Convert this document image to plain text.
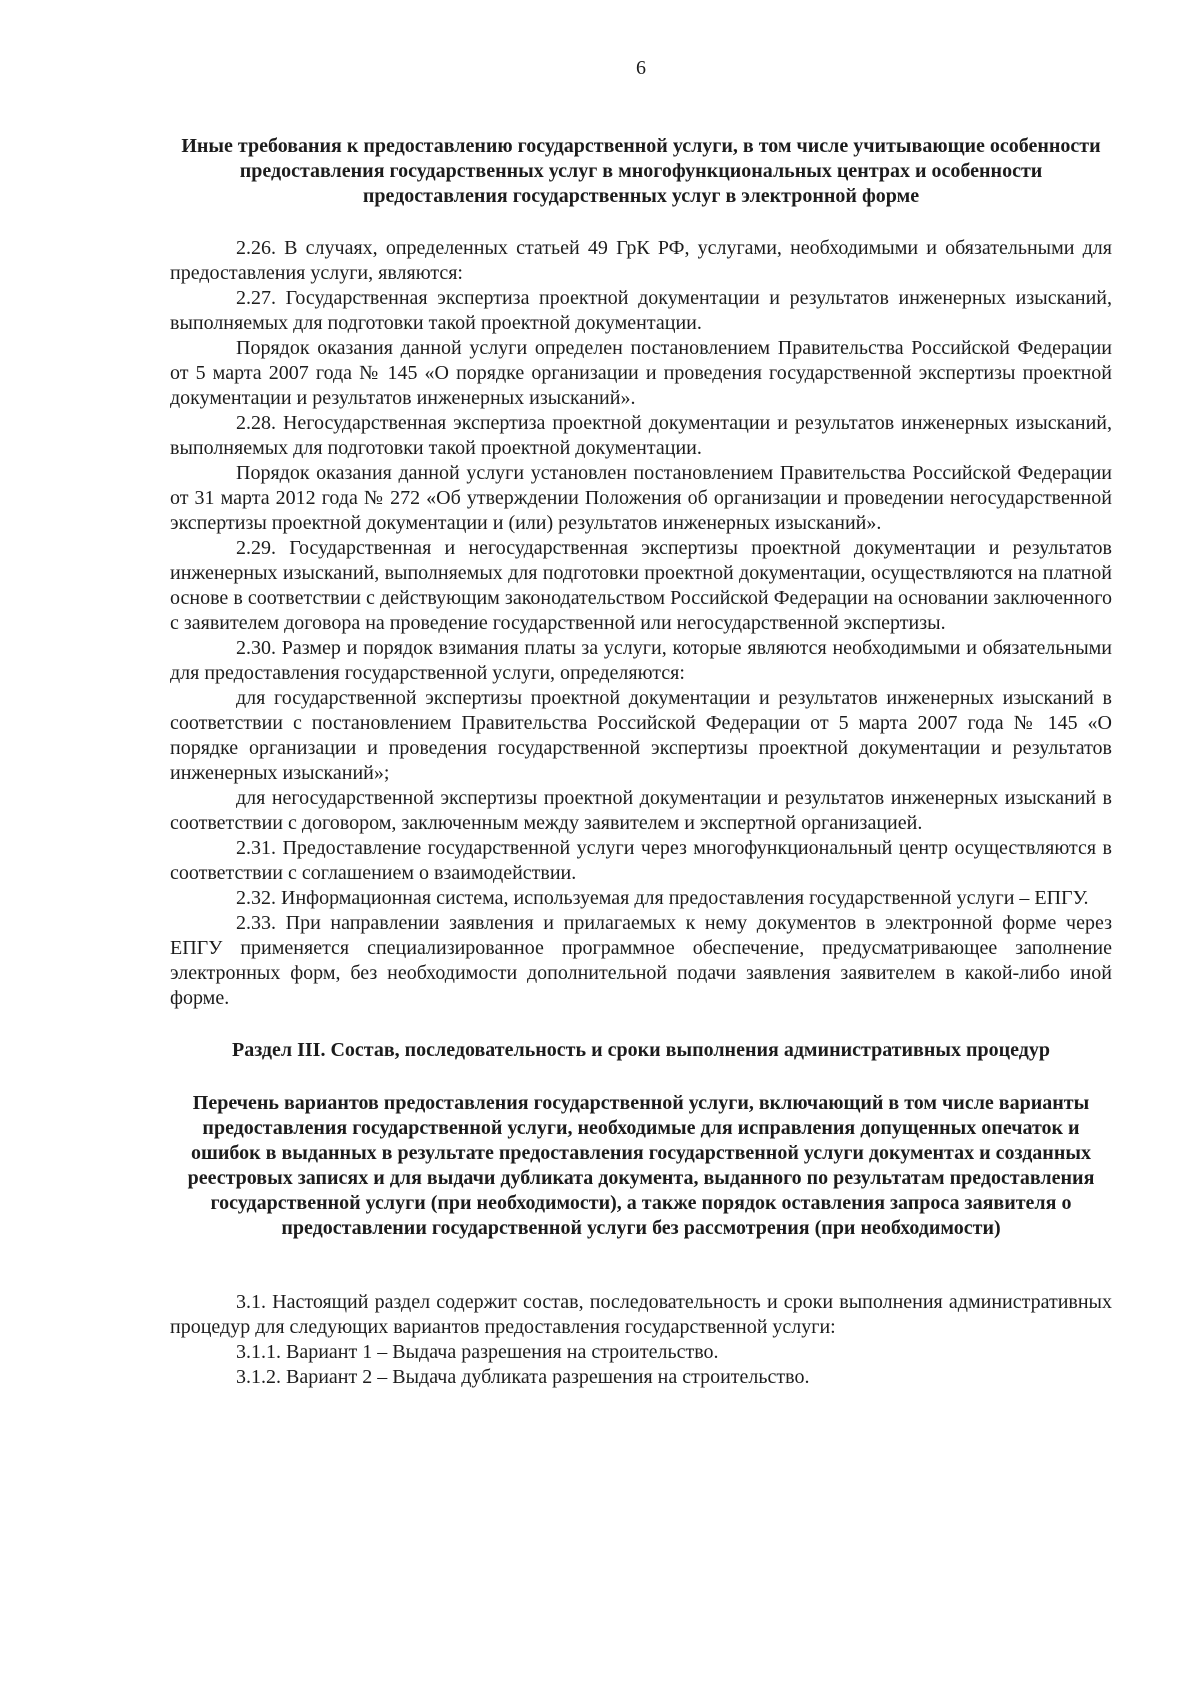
6
Иные требования к предоставлению государственной услуги, в том числе учитывающие особенности предоставления государственных услуг в многофункциональных центрах и особенности предоставления государственных услуг в электронной форме

2.26. В случаях, определенных статьей 49 ГрК РФ, услугами, необходимыми и обязательными для предоставления услуги, являются:

2.27. Государственная экспертиза проектной документации и результатов инженерных изысканий, выполняемых для подготовки такой проектной документации.

Порядок оказания данной услуги определен постановлением Правительства Российской Федерации от 5 марта 2007 года № 145 «О порядке организации и проведения государственной экспертизы проектной документации и результатов инженерных изысканий».

2.28. Негосударственная экспертиза проектной документации и результатов инженерных изысканий, выполняемых для подготовки такой проектной документации.

Порядок оказания данной услуги установлен постановлением Правительства Российской Федерации от 31 марта 2012 года № 272 «Об утверждении Положения об организации и проведении негосударственной экспертизы проектной документации и (или) результатов инженерных изысканий».

2.29. Государственная и негосударственная экспертизы проектной документации и результатов инженерных изысканий, выполняемых для подготовки проектной документации, осуществляются на платной основе в соответствии с действующим законодательством Российской Федерации на основании заключенного с заявителем договора на проведение государственной или негосударственной экспертизы.

2.30. Размер и порядок взимания платы за услуги, которые являются необходимыми и обязательными для предоставления государственной услуги, определяются:

для государственной экспертизы проектной документации и результатов инженерных изысканий в соответствии с постановлением Правительства Российской Федерации от 5 марта 2007 года № 145 «О порядке организации и проведения государственной экспертизы проектной документации и результатов инженерных изысканий»;

для негосударственной экспертизы проектной документации и результатов инженерных изысканий в соответствии с договором, заключенным между заявителем и экспертной организацией.

2.31. Предоставление государственной услуги через многофункциональный центр осуществляются в соответствии с соглашением о взаимодействии.

2.32. Информационная система, используемая для предоставления государственной услуги – ЕПГУ.

2.33. При направлении заявления и прилагаемых к нему документов в электронной форме через ЕПГУ применяется специализированное программное обеспечение, предусматривающее заполнение электронных форм, без необходимости дополнительной подачи заявления заявителем в какой-либо иной форме.

Раздел III. Состав, последовательность и сроки выполнения административных процедур
Перечень вариантов предоставления государственной услуги, включающий в том числе варианты предоставления государственной услуги, необходимые для исправления допущенных опечаток и ошибок в выданных в результате предоставления государственной услуги документах и созданных реестровых записях и для выдачи дубликата документа, выданного по результатам предоставления государственной услуги (при необходимости), а также порядок оставления запроса заявителя о предоставлении государственной услуги без рассмотрения (при необходимости)

3.1. Настоящий раздел содержит состав, последовательность и сроки выполнения административных процедур для следующих вариантов предоставления государственной услуги:

3.1.1. Вариант 1 – Выдача разрешения на строительство.

3.1.2. Вариант 2 – Выдача дубликата разрешения на строительство.
